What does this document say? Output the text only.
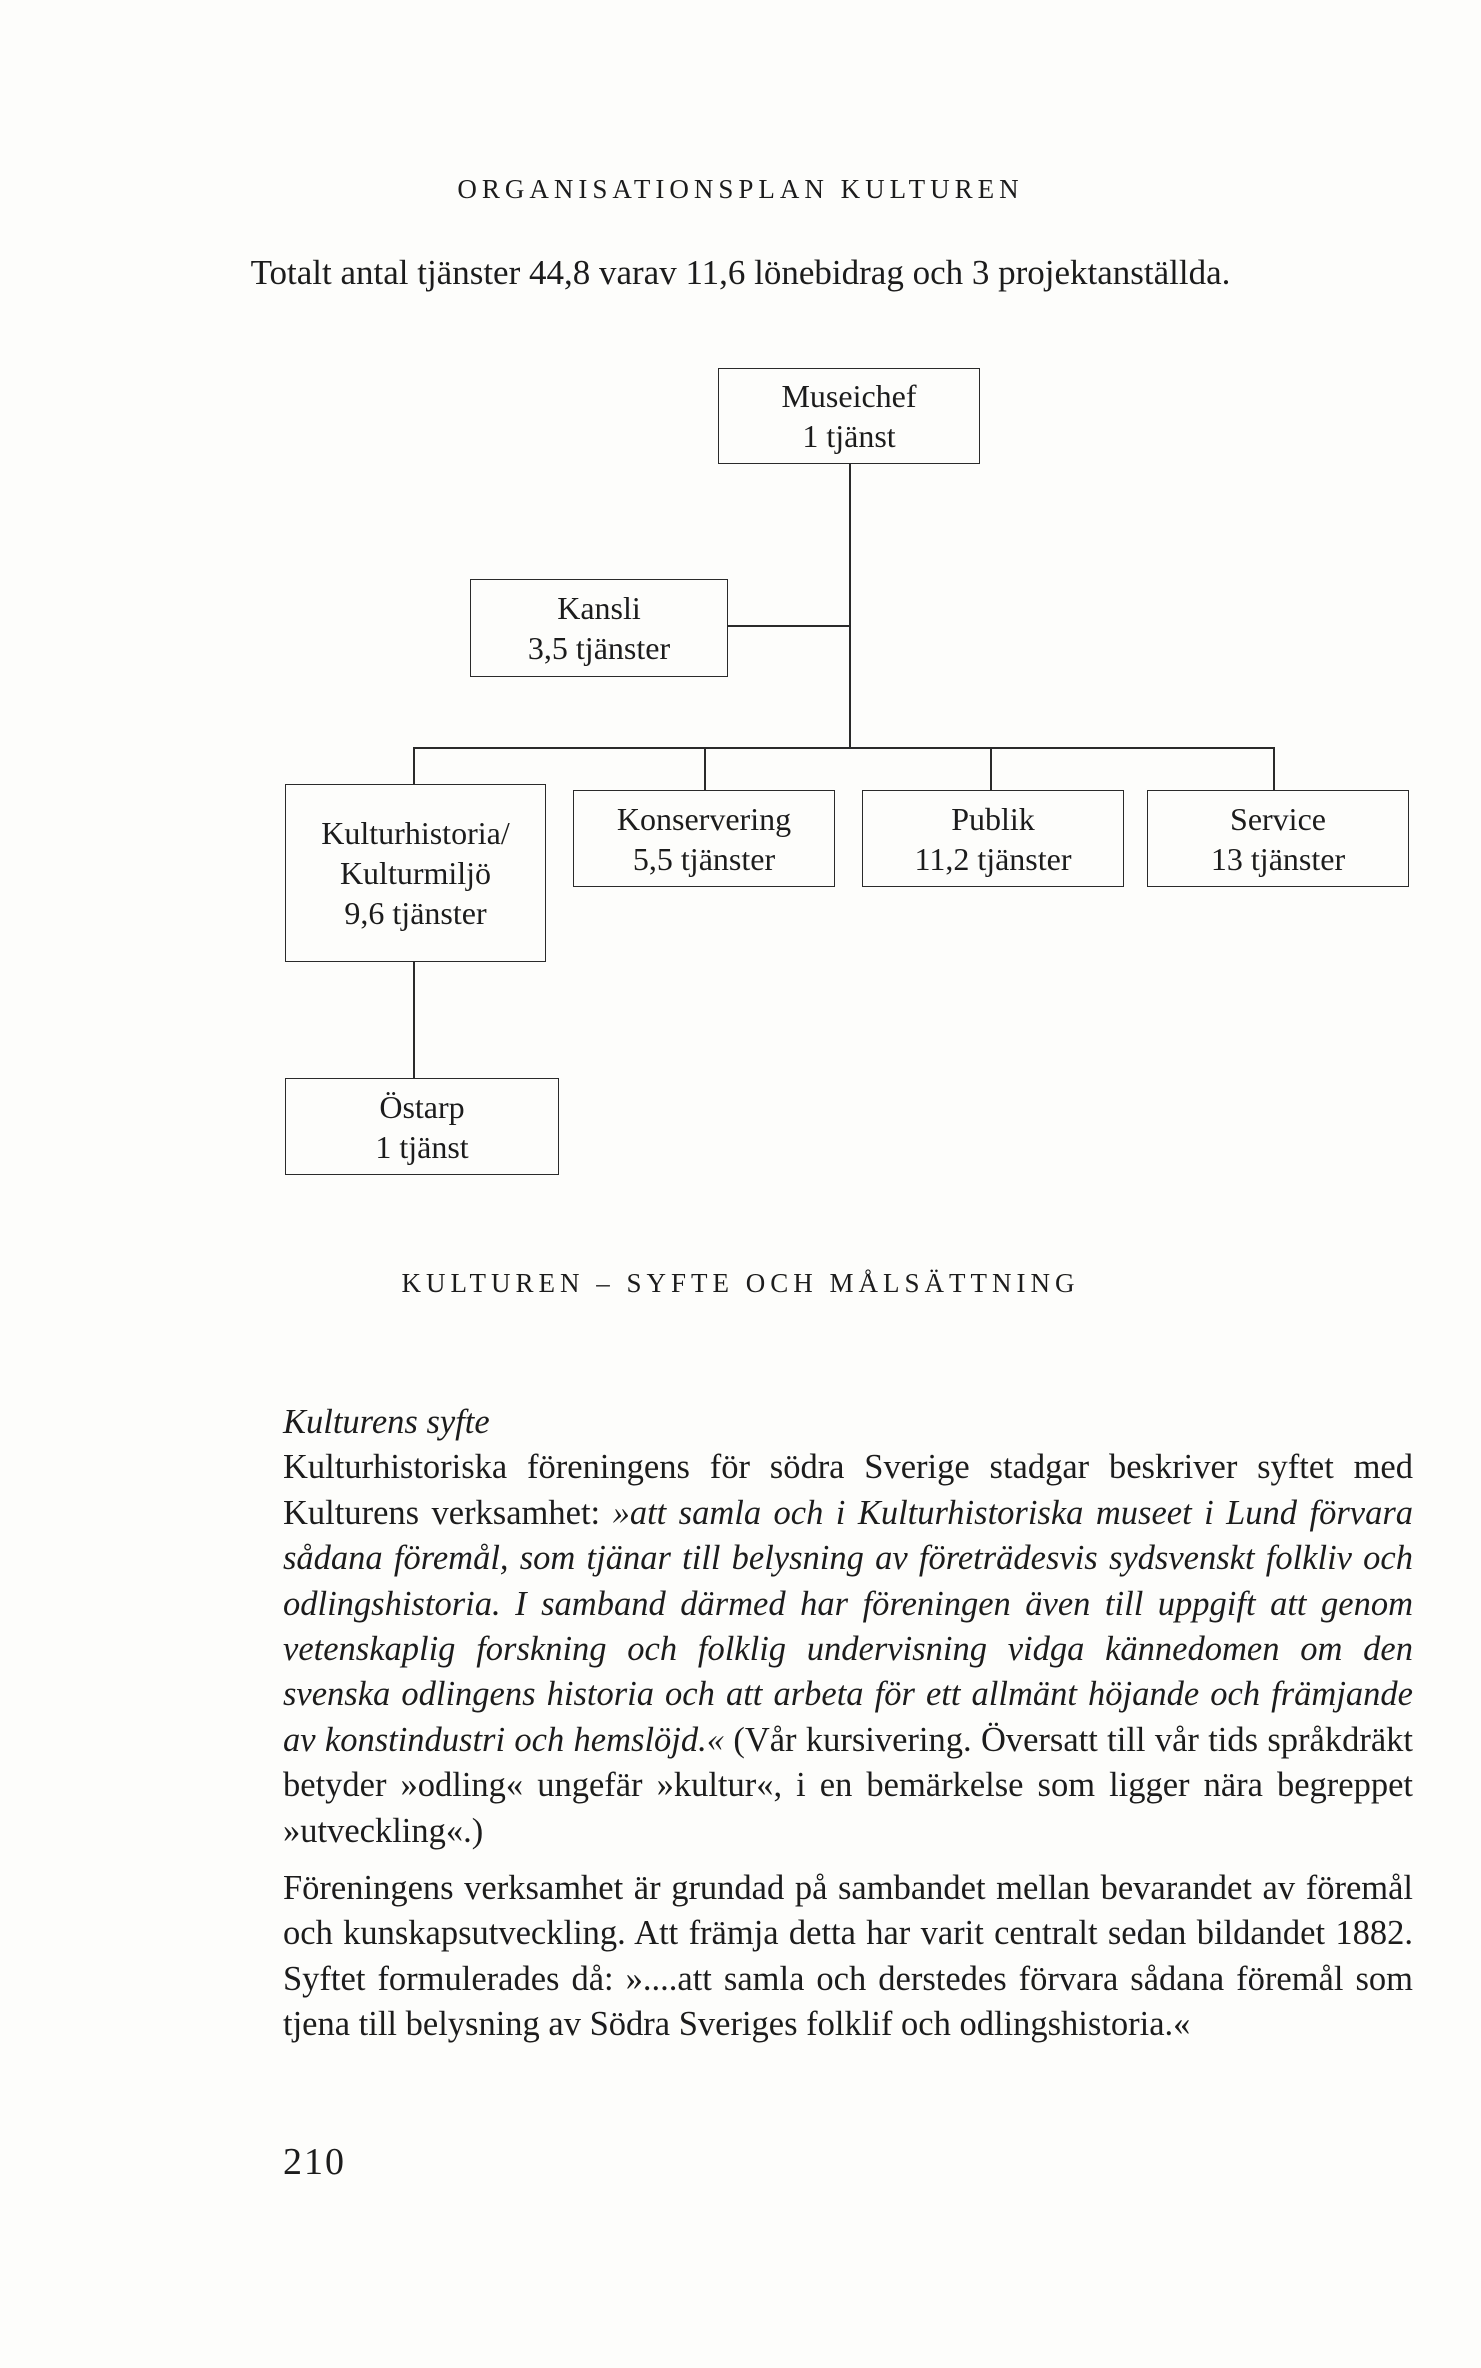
ORGANISATIONSPLAN KULTUREN
Totalt antal tjänster 44,8 varav 11,6 lönebidrag och 3 projektanställda.
Museichef
1 tjänst
Kansli
3,5 tjänster
Kulturhistoria/
Kulturmiljö
9,6 tjänster
Konservering
5,5 tjänster
Publik
11,2 tjänster
Service
13 tjänster
Östarp
1 tjänst
KULTUREN – SYFTE OCH MÅLSÄTTNING

Kulturens syfte

Kulturhistoriska föreningens för södra Sverige stadgar beskriver syftet med Kulturens verksamhet: »att samla och i Kulturhistoriska museet i Lund förvara sådana föremål, som tjänar till belysning av företrädesvis sydsvenskt folkliv och odlingshistoria. I samband därmed har föreningen även till uppgift att genom vetenskaplig forskning och folklig undervisning vidga kännedomen om den svenska odlingens historia och att arbeta för ett allmänt höjande och främjande av konstindustri och hemslöjd.« (Vår kursivering. Översatt till vår tids språkdräkt betyder »odling« ungefär »kultur«, i en bemärkelse som ligger nära begreppet »utveckling«.)

Föreningens verksamhet är grundad på sambandet mellan bevarandet av föremål och kunskapsutveckling. Att främja detta har varit centralt sedan bildandet 1882. Syftet formulerades då: »....att samla och derstedes förvara sådana föremål som tjena till belysning av Södra Sveriges folklif och odlingshistoria.«

210
